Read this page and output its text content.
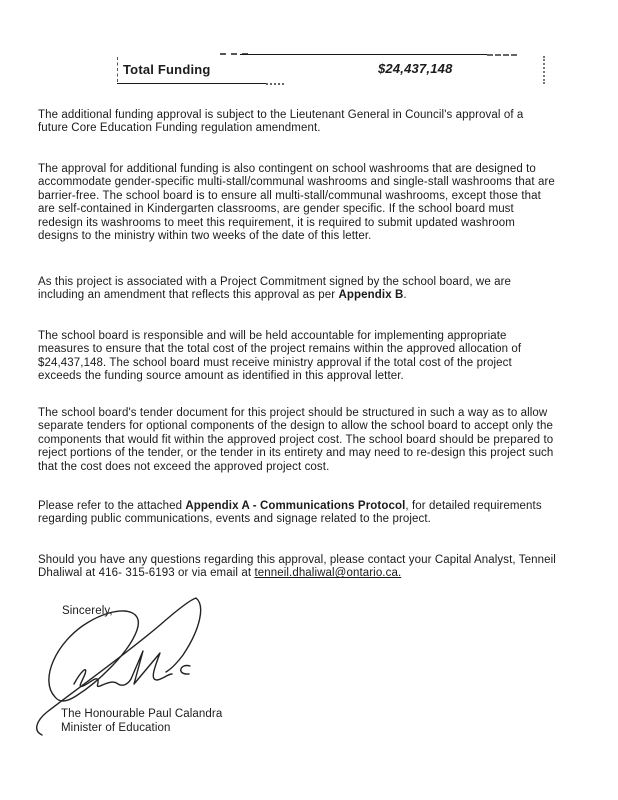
Total Funding	$24,437,148
The additional funding approval is subject to the Lieutenant General in Council's approval of a future Core Education Funding regulation amendment.
The approval for additional funding is also contingent on school washrooms that are designed to accommodate gender-specific multi-stall/communal washrooms and single-stall washrooms that are barrier-free. The school board is to ensure all multi-stall/communal washrooms, except those that are self-contained in Kindergarten classrooms, are gender specific. If the school board must redesign its washrooms to meet this requirement, it is required to submit updated washroom designs to the ministry within two weeks of the date of this letter.
As this project is associated with a Project Commitment signed by the school board, we are including an amendment that reflects this approval as per Appendix B.
The school board is responsible and will be held accountable for implementing appropriate measures to ensure that the total cost of the project remains within the approved allocation of $24,437,148. The school board must receive ministry approval if the total cost of the project exceeds the funding source amount as identified in this approval letter.
The school board's tender document for this project should be structured in such a way as to allow separate tenders for optional components of the design to allow the school board to accept only the components that would fit within the approved project cost. The school board should be prepared to reject portions of the tender, or the tender in its entirety and may need to re-design this project such that the cost does not exceed the approved project cost.
Please refer to the attached Appendix A - Communications Protocol, for detailed requirements regarding public communications, events and signage related to the project.
Should you have any questions regarding this approval, please contact your Capital Analyst, Tenneil Dhaliwal at 416- 315-6193 or via email at tenneil.dhaliwal@ontario.ca.
Sincerely,
The Honourable Paul Calandra
Minister of Education
